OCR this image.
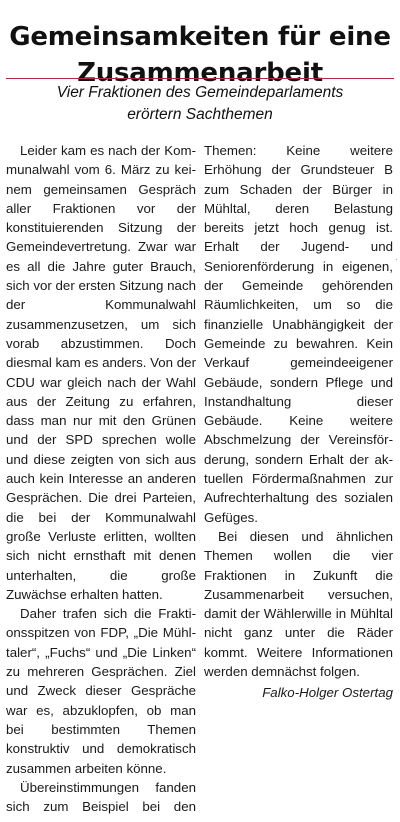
Gemeinsamkeiten für eine
Zusammenarbeit
Vier Fraktionen des Gemeindeparlaments
erörtern Sachthemen

Leider kam es nach der Kommunalwahl vom 6. März zu keinem gemeinsamen Gespräch aller Fraktionen vor der konstituierenden Sitzung der Gemeindevertretung. Zwar war es all die Jahre guter Brauch, sich vor der ersten Sitzung nach der Kommunalwahl zusammenzusetzen, um sich vorab abzustimmen. Doch diesmal kam es anders. Von der CDU war gleich nach der Wahl aus der Zeitung zu erfahren, dass man nur mit den Grünen und der SPD sprechen wolle und diese zeigten von sich aus auch kein Interesse an anderen Gesprächen. Die drei Parteien, die bei der Kommunalwahl große Verluste erlitten, wollten sich nicht ernsthaft mit denen unterhalten, die große Zuwächse erhalten hatten.

Daher trafen sich die Fraktionsspitzen von FDP, „Die Mühltaler“, „Fuchs“ und „Die Linken“ zu mehreren Gesprächen. Ziel und Zweck dieser Gespräche war es, abzuklopfen, ob man bei bestimmten Themen konstruktiv und demokratisch zusammen arbeiten könne.

Übereinstimmungen fanden sich zum Beispiel bei den

Themen: Keine weitere Erhöhung der Grundsteuer B zum Schaden der Bürger in Mühltal, deren Belastung bereits jetzt hoch genug ist. Erhalt der Jugend- und Seniorenförderung in eigenen, der Gemeinde gehörenden Räumlichkeiten, um so die finanzielle Unabhängigkeit der Gemeinde zu bewahren. Kein Verkauf gemeindeeigener Gebäude, sondern Pflege und Instandhaltung dieser Gebäude. Keine weitere Abschmelzung der Vereinsförderung, sondern Erhalt der aktuellen Fördermaßnahmen zur Aufrechterhaltung des sozialen Gefüges.

Bei diesen und ähnlichen Themen wollen die vier Fraktionen in Zukunft die Zusammenarbeit versuchen, damit der Wählerwille in Mühltal nicht ganz unter die Räder kommt. Weitere Informationen werden demnächst folgen.

Falko-Holger Ostertag
·
